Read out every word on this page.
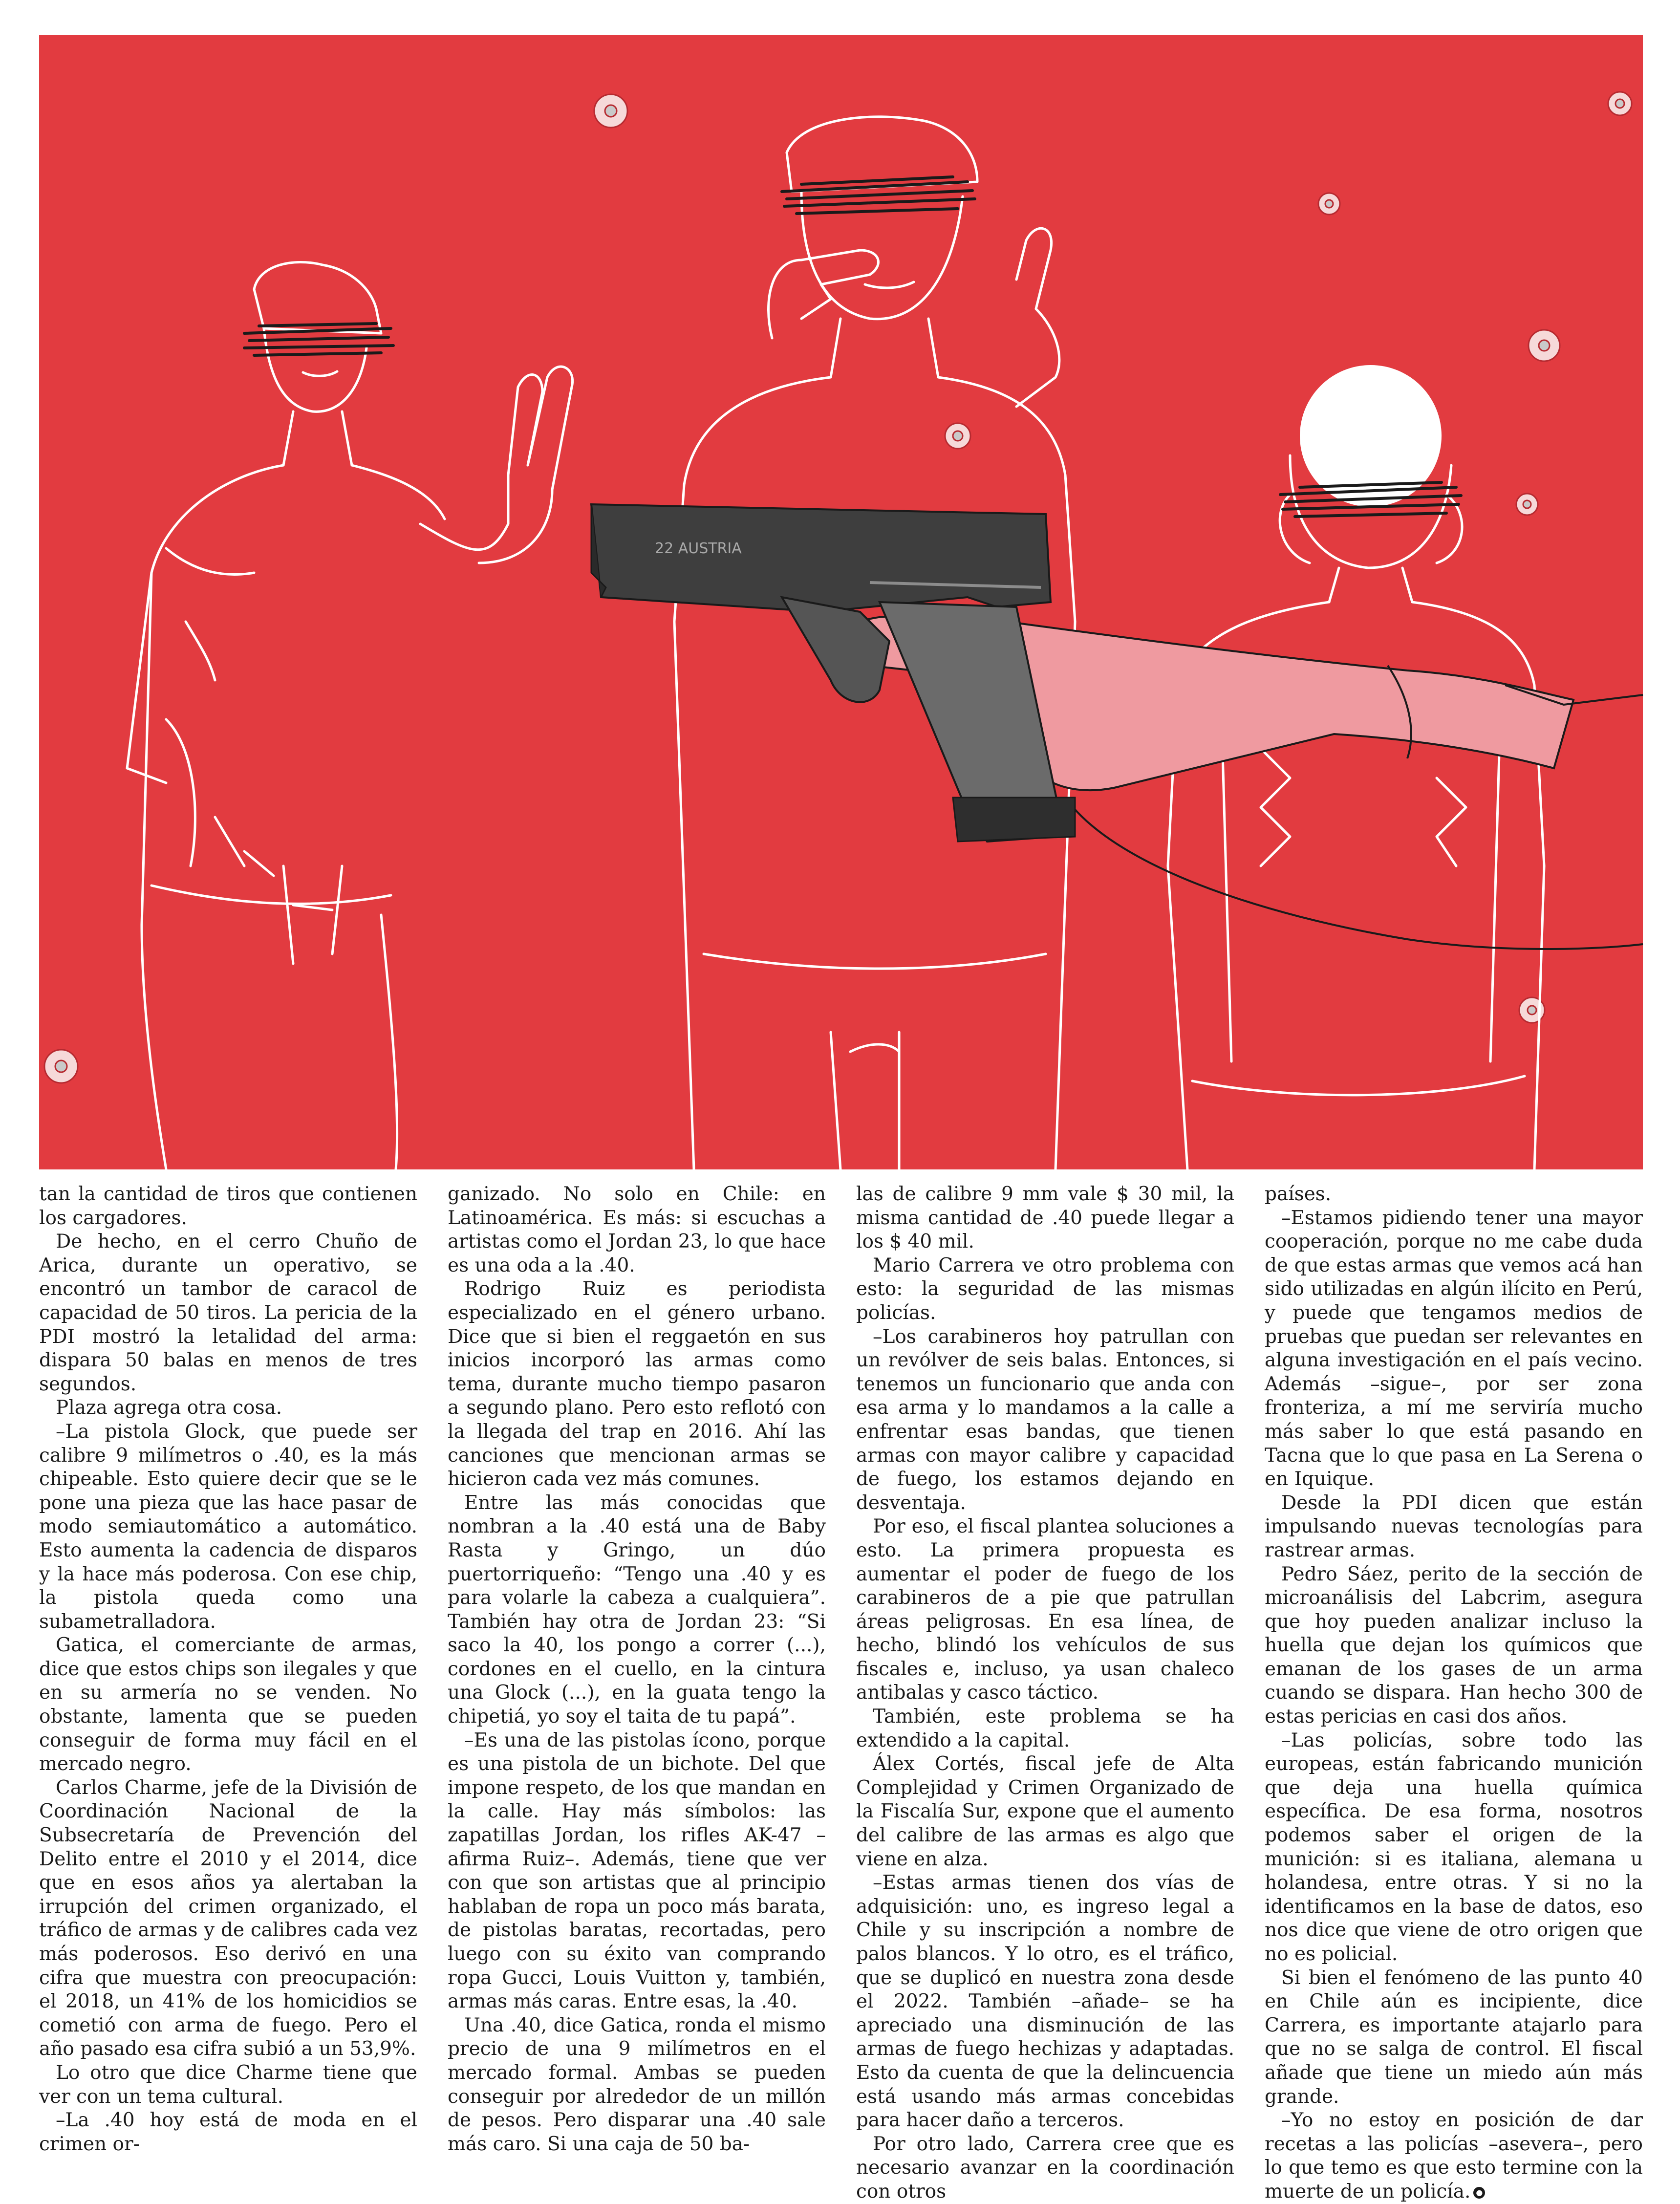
22 AUSTRIA

tan la cantidad de tiros que contienen los cargadores.

De hecho, en el cerro Chuño de Arica, durante un operativo, se encontró un tambor de caracol de capacidad de 50 tiros. La pericia de la PDI mostró la letalidad del arma: dispara 50 balas en menos de tres segundos.

Plaza agrega otra cosa.

–La pistola Glock, que puede ser calibre 9 milímetros o .40, es la más chipeable. Esto quiere decir que se le pone una pieza que las hace pasar de modo semiautomático a automático. Esto aumenta la cadencia de disparos y la hace más poderosa. Con ese chip, la pistola queda como una subametralladora.

Gatica, el comerciante de armas, dice que estos chips son ilegales y que en su armería no se venden. No obstante, lamenta que se pueden conseguir de forma muy fácil en el mercado negro.

Carlos Charme, jefe de la División de Coordinación Nacional de la Subsecretaría de Prevención del Delito entre el 2010 y el 2014, dice que en esos años ya alertaban la irrupción del crimen organizado, el tráfico de armas y de calibres cada vez más poderosos. Eso derivó en una cifra que muestra con preocupación: el 2018, un 41% de los homicidios se cometió con arma de fuego. Pero el año pasado esa cifra subió a un 53,9%.

Lo otro que dice Charme tiene que ver con un tema cultural.

–La .40 hoy está de moda en el crimen or-

ganizado. No solo en Chile: en Latinoamérica. Es más: si escuchas a artistas como el Jordan 23, lo que hace es una oda a la .40.

Rodrigo Ruiz es periodista especializado en el género urbano. Dice que si bien el reggaetón en sus inicios incorporó las armas como tema, durante mucho tiempo pasaron a segundo plano. Pero esto reflotó con la llegada del trap en 2016. Ahí las canciones que mencionan armas se hicieron cada vez más comunes.

Entre las más conocidas que nombran a la .40 está una de Baby Rasta y Gringo, un dúo puertorriqueño: “Tengo una .40 y es para volarle la cabeza a cualquiera”. También hay otra de Jordan 23: “Si saco la 40, los pongo a correr (...), cordones en el cuello, en la cintura una Glock (...), en la guata tengo la chipetiá, yo soy el taita de tu papá”.

–Es una de las pistolas ícono, porque es una pistola de un bichote. Del que impone respeto, de los que mandan en la calle. Hay más símbolos: las zapatillas Jordan, los rifles AK-47 –afirma Ruiz–. Además, tiene que ver con que son artistas que al principio hablaban de ropa un poco más barata, de pistolas baratas, recortadas, pero luego con su éxito van comprando ropa Gucci, Louis Vuitton y, también, armas más caras. Entre esas, la .40.

Una .40, dice Gatica, ronda el mismo precio de una 9 milímetros en el mercado formal. Ambas se pueden conseguir por alrededor de un millón de pesos. Pero disparar una .40 sale más caro. Si una caja de 50 ba-

las de calibre 9 mm vale $ 30 mil, la misma cantidad de .40 puede llegar a los $ 40 mil.

Mario Carrera ve otro problema con esto: la seguridad de las mismas policías.

–Los carabineros hoy patrullan con un revólver de seis balas. Entonces, si tenemos un funcionario que anda con esa arma y lo mandamos a la calle a enfrentar esas bandas, que tienen armas con mayor calibre y capacidad de fuego, los estamos dejando en desventaja.

Por eso, el fiscal plantea soluciones a esto. La primera propuesta es aumentar el poder de fuego de los carabineros de a pie que patrullan áreas peligrosas. En esa línea, de hecho, blindó los vehículos de sus fiscales e, incluso, ya usan chaleco antibalas y casco táctico.

También, este problema se ha extendido a la capital.

Álex Cortés, fiscal jefe de Alta Complejidad y Crimen Organizado de la Fiscalía Sur, expone que el aumento del calibre de las armas es algo que viene en alza.

–Estas armas tienen dos vías de adquisición: uno, es ingreso legal a Chile y su inscripción a nombre de palos blancos. Y lo otro, es el tráfico, que se duplicó en nuestra zona desde el 2022. También –añade– se ha apreciado una disminución de las armas de fuego hechizas y adaptadas. Esto da cuenta de que la delincuencia está usando más armas concebidas para hacer daño a terceros.

Por otro lado, Carrera cree que es necesario avanzar en la coordinación con otros

países.

–Estamos pidiendo tener una mayor cooperación, porque no me cabe duda de que estas armas que vemos acá han sido utilizadas en algún ilícito en Perú, y puede que tengamos medios de pruebas que puedan ser relevantes en alguna investigación en el país vecino. Además –sigue–, por ser zona fronteriza, a mí me serviría mucho más saber lo que está pasando en Tacna que lo que pasa en La Serena o en Iquique.

Desde la PDI dicen que están impulsando nuevas tecnologías para rastrear armas.

Pedro Sáez, perito de la sección de microanálisis del Labcrim, asegura que hoy pueden analizar incluso la huella que dejan los químicos que emanan de los gases de un arma cuando se dispara. Han hecho 300 de estas pericias en casi dos años.

–Las policías, sobre todo las europeas, están fabricando munición que deja una huella química específica. De esa forma, nosotros podemos saber el origen de la munición: si es italiana, alemana u holandesa, entre otras. Y si no la identificamos en la base de datos, eso nos dice que viene de otro origen que no es policial.

Si bien el fenómeno de las punto 40 en Chile aún es incipiente, dice Carrera, es importante atajarlo para que no se salga de control. El fiscal añade que tiene un miedo aún más grande.

–Yo no estoy en posición de dar recetas a las policías –asevera–, pero lo que temo es que esto termine con la muerte de un policía. ●
